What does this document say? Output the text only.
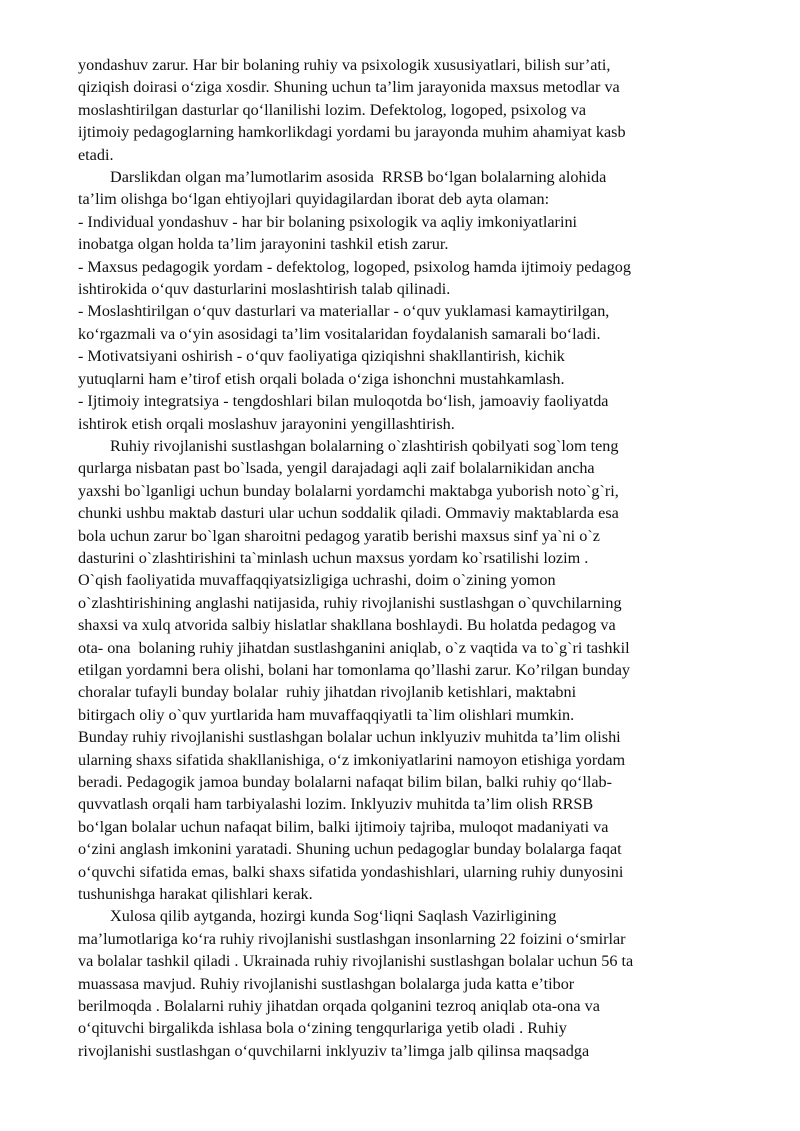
yondashuv zarur. Har bir bolaning ruhiy va psixologik xususiyatlari, bilish sur’ati,
qiziqish doirasi o‘ziga xosdir. Shuning uchun ta’lim jarayonida maxsus metodlar va
moslashtirilgan dasturlar qo‘llanilishi lozim. Defektolog, logoped, psixolog va
ijtimoiy pedagoglarning hamkorlikdagi yordami bu jarayonda muhim ahamiyat kasb
etadi.
Darslikdan olgan ma’lumotlarim asosida  RRSB bo‘lgan bolalarning alohida
ta’lim olishga bo‘lgan ehtiyojlari quyidagilardan iborat deb ayta olaman:
- Individual yondashuv - har bir bolaning psixologik va aqliy imkoniyatlarini
inobatga olgan holda ta’lim jarayonini tashkil etish zarur.
- Maxsus pedagogik yordam - defektolog, logoped, psixolog hamda ijtimoiy pedagog
ishtirokida o‘quv dasturlarini moslashtirish talab qilinadi.
- Moslashtirilgan o‘quv dasturlari va materiallar - o‘quv yuklamasi kamaytirilgan,
ko‘rgazmali va o‘yin asosidagi ta’lim vositalaridan foydalanish samarali bo‘ladi.
- Motivatsiyani oshirish - o‘quv faoliyatiga qiziqishni shakllantirish, kichik
yutuqlarni ham e’tirof etish orqali bolada o‘ziga ishonchni mustahkamlash.
- Ijtimoiy integratsiya - tengdoshlari bilan muloqotda bo‘lish, jamoaviy faoliyatda
ishtirok etish orqali moslashuv jarayonini yengillashtirish.
Ruhiy rivojlanishi sustlashgan bolalarning o`zlashtirish qobilyati sog`lom teng
qurlarga nisbatan past bo`lsada, yengil darajadagi aqli zaif bolalarnikidan ancha
yaxshi bo`lganligi uchun bunday bolalarni yordamchi maktabga yuborish noto`g`ri,
chunki ushbu maktab dasturi ular uchun soddalik qiladi. Ommaviy maktablarda esa
bola uchun zarur bo`lgan sharoitni pedagog yaratib berishi maxsus sinf ya`ni o`z
dasturini o`zlashtirishini ta`minlash uchun maxsus yordam ko`rsatilishi lozim .
O`qish faoliyatida muvaffaqqiyatsizligiga uchrashi, doim o`zining yomon
o`zlashtirishining anglashi natijasida, ruhiy rivojlanishi sustlashgan o`quvchilarning
shaxsi va xulq atvorida salbiy hislatlar shakllana boshlaydi. Bu holatda pedagog va
ota- ona  bolaning ruhiy jihatdan sustlashganini aniqlab, o`z vaqtida va to`g`ri tashkil
etilgan yordamni bera olishi, bolani har tomonlama qo’llashi zarur. Ko’rilgan bunday
choralar tufayli bunday bolalar  ruhiy jihatdan rivojlanib ketishlari, maktabni
bitirgach oliy o`quv yurtlarida ham muvaffaqqiyatli ta`lim olishlari mumkin.
Bunday ruhiy rivojlanishi sustlashgan bolalar uchun inklyuziv muhitda ta’lim olishi
ularning shaxs sifatida shakllanishiga, o‘z imkoniyatlarini namoyon etishiga yordam
beradi. Pedagogik jamoa bunday bolalarni nafaqat bilim bilan, balki ruhiy qo‘llab-
quvvatlash orqali ham tarbiyalashi lozim. Inklyuziv muhitda ta’lim olish RRSB
bo‘lgan bolalar uchun nafaqat bilim, balki ijtimoiy tajriba, muloqot madaniyati va
o‘zini anglash imkonini yaratadi. Shuning uchun pedagoglar bunday bolalarga faqat
o‘quvchi sifatida emas, balki shaxs sifatida yondashishlari, ularning ruhiy dunyosini
tushunishga harakat qilishlari kerak.
Xulosa qilib aytganda, hozirgi kunda Sog‘liqni Saqlash Vazirligining
ma’lumotlariga ko‘ra ruhiy rivojlanishi sustlashgan insonlarning 22 foizini o‘smirlar
va bolalar tashkil qiladi . Ukrainada ruhiy rivojlanishi sustlashgan bolalar uchun 56 ta
muassasa mavjud. Ruhiy rivojlanishi sustlashgan bolalarga juda katta e’tibor
berilmoqda . Bolalarni ruhiy jihatdan orqada qolganini tezroq aniqlab ota-ona va
o‘qituvchi birgalikda ishlasa bola o‘zining tengqurlariga yetib oladi . Ruhiy
rivojlanishi sustlashgan o‘quvchilarni inklyuziv ta’limga jalb qilinsa maqsadga
